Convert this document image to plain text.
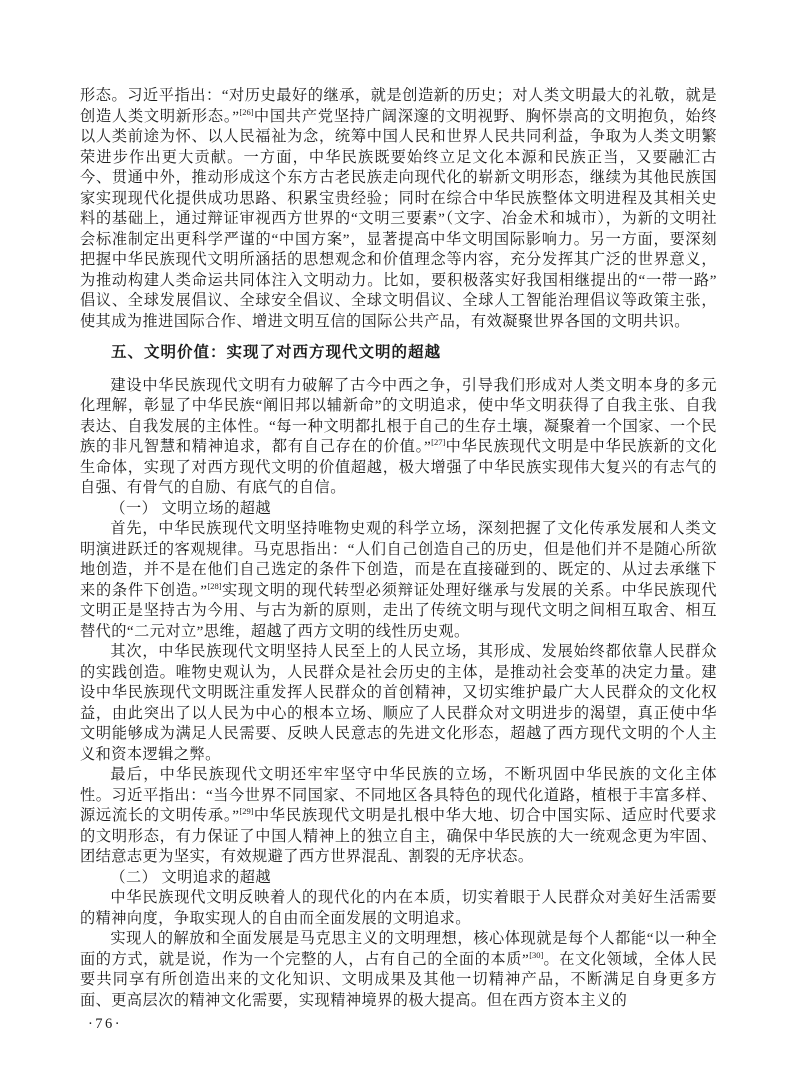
形态。习近平指出：“对历史最好的继承，就是创造新的历史；对人类文明最大的礼敬，就是创造人类文明新形态。”[26]中国共产党坚持广阔深邃的文明视野、胸怀崇高的文明抱负，始终以人类前途为怀、以人民福祉为念，统筹中国人民和世界人民共同利益，争取为人类文明繁荣进步作出更大贡献。一方面，中华民族既要始终立足文化本源和民族正当，又要融汇古今、贯通中外，推动形成这个东方古老民族走向现代化的崭新文明形态，继续为其他民族国家实现现代化提供成功思路、积累宝贵经验；同时在综合中华民族整体文明进程及其相关史料的基础上，通过辩证审视西方世界的“文明三要素”（文字、冶金术和城市），为新的文明社会标准制定出更科学严谨的“中国方案”，显著提高中华文明国际影响力。另一方面，要深刻把握中华民族现代文明所涵括的思想观念和价值理念等内容，充分发挥其广泛的世界意义，为推动构建人类命运共同体注入文明动力。比如，要积极落实好我国相继提出的“一带一路”倡议、全球发展倡议、全球安全倡议、全球文明倡议、全球人工智能治理倡议等政策主张，使其成为推进国际合作、增进文明互信的国际公共产品，有效凝聚世界各国的文明共识。

五、文明价值：实现了对西方现代文明的超越

建设中华民族现代文明有力破解了古今中西之争，引导我们形成对人类文明本身的多元化理解，彰显了中华民族“阐旧邦以辅新命”的文明追求，使中华文明获得了自我主张、自我表达、自我发展的主体性。“每一种文明都扎根于自己的生存土壤，凝聚着一个国家、一个民族的非凡智慧和精神追求，都有自己存在的价值。”[27]中华民族现代文明是中华民族新的文化生命体，实现了对西方现代文明的价值超越，极大增强了中华民族实现伟大复兴的有志气的自强、有骨气的自励、有底气的自信。

（一） 文明立场的超越

首先，中华民族现代文明坚持唯物史观的科学立场，深刻把握了文化传承发展和人类文明演进跃迁的客观规律。马克思指出：“人们自己创造自己的历史，但是他们并不是随心所欲地创造，并不是在他们自己选定的条件下创造，而是在直接碰到的、既定的、从过去承继下来的条件下创造。”[28]实现文明的现代转型必须辩证处理好继承与发展的关系。中华民族现代文明正是坚持古为今用、与古为新的原则，走出了传统文明与现代文明之间相互取舍、相互替代的“二元对立”思维，超越了西方文明的线性历史观。

其次，中华民族现代文明坚持人民至上的人民立场，其形成、发展始终都依靠人民群众的实践创造。唯物史观认为，人民群众是社会历史的主体，是推动社会变革的决定力量。建设中华民族现代文明既注重发挥人民群众的首创精神，又切实维护最广大人民群众的文化权益，由此突出了以人民为中心的根本立场、顺应了人民群众对文明进步的渴望，真正使中华文明能够成为满足人民需要、反映人民意志的先进文化形态，超越了西方现代文明的个人主义和资本逻辑之弊。

最后，中华民族现代文明还牢牢坚守中华民族的立场，不断巩固中华民族的文化主体性。习近平指出：“当今世界不同国家、不同地区各具特色的现代化道路，植根于丰富多样、源远流长的文明传承。”[29]中华民族现代文明是扎根中华大地、切合中国实际、适应时代要求的文明形态，有力保证了中国人精神上的独立自主，确保中华民族的大一统观念更为牢固、团结意志更为坚实，有效规避了西方世界混乱、割裂的无序状态。

（二） 文明追求的超越

中华民族现代文明反映着人的现代化的内在本质，切实着眼于人民群众对美好生活需要的精神向度，争取实现人的自由而全面发展的文明追求。

实现人的解放和全面发展是马克思主义的文明理想，核心体现就是每个人都能“以一种全面的方式，就是说，作为一个完整的人，占有自己的全面的本质”[30]。在文化领域，全体人民要共同享有所创造出来的文化知识、文明成果及其他一切精神产品，不断满足自身更多方面、更高层次的精神文化需要，实现精神境界的极大提高。但在西方资本主义的

·76·
